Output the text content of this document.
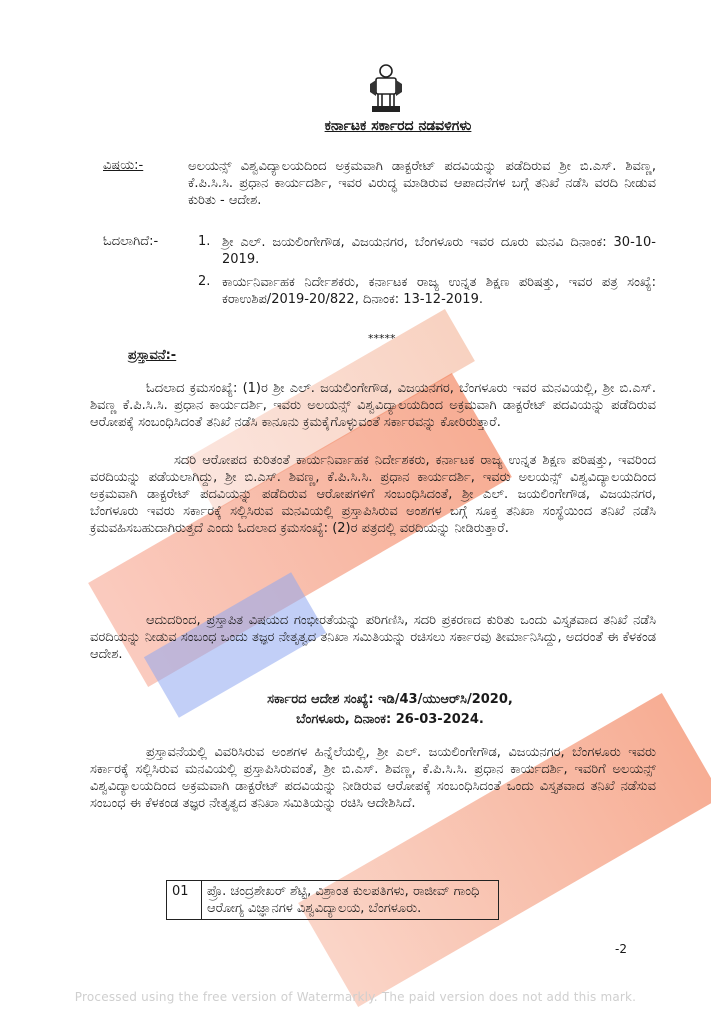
ಕರ್ನಾಟಕ ಸರ್ಕಾರದ ನಡವಳಿಗಳು
ವಿಷಯ:-	ಅಲಯನ್ಸ್ ವಿಶ್ವವಿದ್ಯಾಲಯದಿಂದ ಅಕ್ರಮವಾಗಿ ಡಾಕ್ಟರೇಟ್ ಪದವಿಯನ್ನು ಪಡೆದಿರುವ ಶ್ರೀ ಬಿ.ಎಸ್. ಶಿವಣ್ಣ, ಕೆ.ಪಿ.ಸಿ.ಸಿ. ಪ್ರಧಾನ ಕಾರ್ಯದರ್ಶಿ, ಇವರ ವಿರುದ್ಧ ಮಾಡಿರುವ ಆಪಾದನೆಗಳ ಬಗ್ಗೆ ತನಿಖೆ ನಡೆಸಿ ವರದಿ ನೀಡುವ ಕುರಿತು - ಆದೇಶ.
ಓದಲಾಗಿದೆ:-	1. ಶ್ರೀ ಎಲ್. ಜಯಲಿಂಗೇಗೌಡ, ವಿಜಯನಗರ, ಬೆಂಗಳೂರು ಇವರ ದೂರು ಮನವಿ ದಿನಾಂಕ: 30-10-2019.
2. ಕಾರ್ಯನಿರ್ವಾಹಕ ನಿರ್ದೇಶಕರು, ಕರ್ನಾಟಕ ರಾಜ್ಯ ಉನ್ನತ ಶಿಕ್ಷಣ ಪರಿಷತ್ತು, ಇವರ ಪತ್ರ ಸಂಖ್ಯೆ: ಕರಾಉಶಿಪ/2019-20/822, ದಿನಾಂಕ: 13-12-2019.
*****
ಪ್ರಸ್ತಾವನೆ:-
ಓದಲಾದ ಕ್ರಮಸಂಖ್ಯೆ: (1)ರ ಶ್ರೀ ಎಲ್. ಜಯಲಿಂಗೇಗೌಡ, ವಿಜಯನಗರ, ಬೆಂಗಳೂರು ಇವರ ಮನವಿಯಲ್ಲಿ, ಶ್ರೀ ಬಿ.ಎಸ್. ಶಿವಣ್ಣ ಕೆ.ಪಿ.ಸಿ.ಸಿ. ಪ್ರಧಾನ ಕಾರ್ಯದರ್ಶಿ, ಇವರು ಅಲಯನ್ಸ್ ವಿಶ್ವವಿದ್ಯಾಲಯದಿಂದ ಅಕ್ರಮವಾಗಿ ಡಾಕ್ಟರೇಟ್ ಪದವಿಯನ್ನು ಪಡೆದಿರುವ ಆರೋಪಕ್ಕೆ ಸಂಬಂಧಿಸಿದಂತೆ ತನಿಖೆ ನಡೆಸಿ ಕಾನೂನು ಕ್ರಮಕೈಗೊಳ್ಳುವಂತೆ ಸರ್ಕಾರವನ್ನು ಕೋರಿರುತ್ತಾರೆ.
ಸದರಿ ಆರೋಪದ ಕುರಿತಂತೆ ಕಾರ್ಯನಿರ್ವಾಹಕ ನಿರ್ದೇಶಕರು, ಕರ್ನಾಟಕ ರಾಜ್ಯ ಉನ್ನತ ಶಿಕ್ಷಣ ಪರಿಷತ್ತು, ಇವರಿಂದ ವರದಿಯನ್ನು ಪಡೆಯಲಾಗಿದ್ದು, ಶ್ರೀ ಬಿ.ಎಸ್. ಶಿವಣ್ಣ, ಕೆ.ಪಿ.ಸಿ.ಸಿ. ಪ್ರಧಾನ ಕಾರ್ಯದರ್ಶಿ, ಇವರು ಅಲಯನ್ಸ್ ವಿಶ್ವವಿದ್ಯಾಲಯದಿಂದ ಅಕ್ರಮವಾಗಿ ಡಾಕ್ಟರೇಟ್ ಪದವಿಯನ್ನು ಪಡೆದಿರುವ ಆರೋಪಗಳಿಗೆ ಸಂಬಂಧಿಸಿದಂತೆ, ಶ್ರೀ ಎಲ್. ಜಯಲಿಂಗೇಗೌಡ, ವಿಜಯನಗರ, ಬೆಂಗಳೂರು ಇವರು ಸರ್ಕಾರಕ್ಕೆ ಸಲ್ಲಿಸಿರುವ ಮನವಿಯಲ್ಲಿ ಪ್ರಸ್ತಾಪಿಸಿರುವ ಅಂಶಗಳ ಬಗ್ಗೆ ಸೂಕ್ತ ತನಿಖಾ ಸಂಸ್ಥೆಯಿಂದ ತನಿಖೆ ನಡೆಸಿ ಕ್ರಮವಹಿಸಬಹುದಾಗಿರುತ್ತದೆ ಎಂದು ಓದಲಾದ ಕ್ರಮಸಂಖ್ಯೆ: (2)ರ ಪತ್ರದಲ್ಲಿ ವರದಿಯನ್ನು ನೀಡಿರುತ್ತಾರೆ.
ಆದುದರಿಂದ, ಪ್ರಸ್ತಾಪಿತ ವಿಷಯದ ಗಂಭೀರತೆಯನ್ನು ಪರಿಗಣಿಸಿ, ಸದರಿ ಪ್ರಕರಣದ ಕುರಿತು ಒಂದು ವಿಸ್ತೃತವಾದ ತನಿಖೆ ನಡೆಸಿ ವರದಿಯನ್ನು ನೀಡುವ ಸಂಬಂಧ ಒಂದು ತಜ್ಞರ ನೇತೃತ್ವದ ತನಿಖಾ ಸಮಿತಿಯನ್ನು ರಚಿಸಲು ಸರ್ಕಾರವು ತೀರ್ಮಾನಿಸಿದ್ದು, ಅದರಂತೆ ಈ ಕೆಳಕಂಡ ಆದೇಶ.
ಸರ್ಕಾರದ ಆದೇಶ ಸಂಖ್ಯೆ: ಇಡಿ/43/ಯುಆರ್‌ಸಿ/2020,
ಬೆಂಗಳೂರು, ದಿನಾಂಕ: 26-03-2024.
ಪ್ರಸ್ತಾವನೆಯಲ್ಲಿ ವಿವರಿಸಿರುವ ಅಂಶಗಳ ಹಿನ್ನೆಲೆಯಲ್ಲಿ, ಶ್ರೀ ಎಲ್. ಜಯಲಿಂಗೇಗೌಡ, ವಿಜಯನಗರ, ಬೆಂಗಳೂರು ಇವರು ಸರ್ಕಾರಕ್ಕೆ ಸಲ್ಲಿಸಿರುವ ಮನವಿಯಲ್ಲಿ ಪ್ರಸ್ತಾಪಿಸಿರುವಂತೆ, ಶ್ರೀ ಬಿ.ಎಸ್. ಶಿವಣ್ಣ, ಕೆ.ಪಿ.ಸಿ.ಸಿ. ಪ್ರಧಾನ ಕಾರ್ಯದರ್ಶಿ, ಇವರಿಗೆ ಅಲಯನ್ಸ್ ವಿಶ್ವವಿದ್ಯಾಲಯದಿಂದ ಅಕ್ರಮವಾಗಿ ಡಾಕ್ಟರೇಟ್ ಪದವಿಯನ್ನು ನೀಡಿರುವ ಆರೋಪಕ್ಕೆ ಸಂಬಂಧಿಸಿದಂತೆ ಒಂದು ವಿಸ್ತೃತವಾದ ತನಿಖೆ ನಡೆಸುವ ಸಂಬಂಧ ಈ ಕೆಳಕಂಡ ತಜ್ಞರ ನೇತೃತ್ವದ ತನಿಖಾ ಸಮಿತಿಯನ್ನು ರಚಿಸಿ ಆದೇಶಿಸಿದೆ.
01	ಪ್ರೊ. ಚಂದ್ರಶೇಖರ್ ಶೆಟ್ಟಿ, ವಿಶ್ರಾಂತ ಕುಲಪತಿಗಳು, ರಾಜೀವ್ ಗಾಂಧಿ ಆರೋಗ್ಯ ವಿಜ್ಞಾನಗಳ ವಿಶ್ವವಿದ್ಯಾಲಯ, ಬೆಂಗಳೂರು.
-2
Processed using the free version of Watermarkly. The paid version does not add this mark.
